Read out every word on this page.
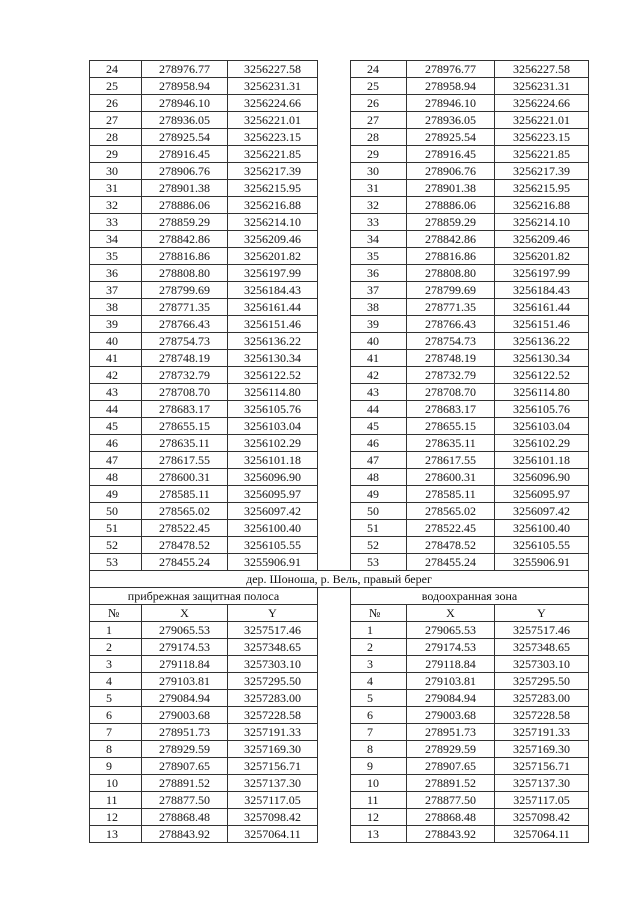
24	278976.77	3256227.58		24	278976.77	3256227.58
25	278958.94	3256231.31		25	278958.94	3256231.31
26	278946.10	3256224.66		26	278946.10	3256224.66
27	278936.05	3256221.01		27	278936.05	3256221.01
28	278925.54	3256223.15		28	278925.54	3256223.15
29	278916.45	3256221.85		29	278916.45	3256221.85
30	278906.76	3256217.39		30	278906.76	3256217.39
31	278901.38	3256215.95		31	278901.38	3256215.95
32	278886.06	3256216.88		32	278886.06	3256216.88
33	278859.29	3256214.10		33	278859.29	3256214.10
34	278842.86	3256209.46		34	278842.86	3256209.46
35	278816.86	3256201.82		35	278816.86	3256201.82
36	278808.80	3256197.99		36	278808.80	3256197.99
37	278799.69	3256184.43		37	278799.69	3256184.43
38	278771.35	3256161.44		38	278771.35	3256161.44
39	278766.43	3256151.46		39	278766.43	3256151.46
40	278754.73	3256136.22		40	278754.73	3256136.22
41	278748.19	3256130.34		41	278748.19	3256130.34
42	278732.79	3256122.52		42	278732.79	3256122.52
43	278708.70	3256114.80		43	278708.70	3256114.80
44	278683.17	3256105.76		44	278683.17	3256105.76
45	278655.15	3256103.04		45	278655.15	3256103.04
46	278635.11	3256102.29		46	278635.11	3256102.29
47	278617.55	3256101.18		47	278617.55	3256101.18
48	278600.31	3256096.90		48	278600.31	3256096.90
49	278585.11	3256095.97		49	278585.11	3256095.97
50	278565.02	3256097.42		50	278565.02	3256097.42
51	278522.45	3256100.40		51	278522.45	3256100.40
52	278478.52	3256105.55		52	278478.52	3256105.55
53	278455.24	3255906.91		53	278455.24	3255906.91
дер. Шоноша, р. Вель, правый берег						
прибрежная защитная полоса				водоохранная зона		
№	X	Y		№	X	Y
1	279065.53	3257517.46		1	279065.53	3257517.46
2	279174.53	3257348.65		2	279174.53	3257348.65
3	279118.84	3257303.10		3	279118.84	3257303.10
4	279103.81	3257295.50		4	279103.81	3257295.50
5	279084.94	3257283.00		5	279084.94	3257283.00
6	279003.68	3257228.58		6	279003.68	3257228.58
7	278951.73	3257191.33		7	278951.73	3257191.33
8	278929.59	3257169.30		8	278929.59	3257169.30
9	278907.65	3257156.71		9	278907.65	3257156.71
10	278891.52	3257137.30		10	278891.52	3257137.30
11	278877.50	3257117.05		11	278877.50	3257117.05
12	278868.48	3257098.42		12	278868.48	3257098.42
13	278843.92	3257064.11		13	278843.92	3257064.11
